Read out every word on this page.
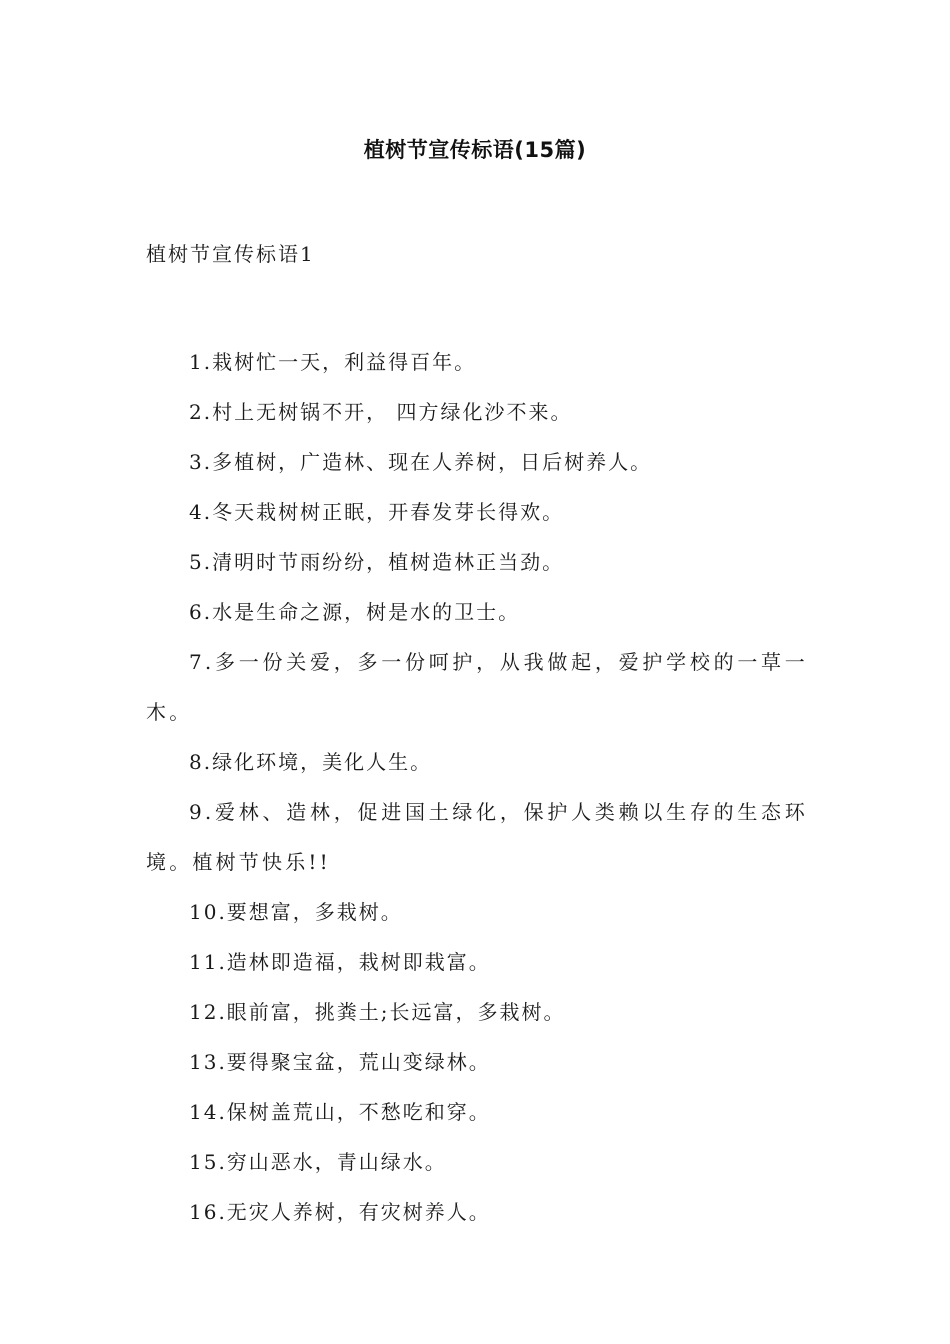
植树节宣传标语(15篇)
植树节宣传标语1
1.栽树忙一天，利益得百年。
2.村上无树锅不开， 四方绿化沙不来。
3.多植树，广造林、现在人养树，日后树养人。
4.冬天栽树树正眠，开春发芽长得欢。
5.清明时节雨纷纷，植树造林正当劲。
6.水是生命之源，树是水的卫士。
7.多一份关爱，多一份呵护，从我做起，爱护学校的一草一木。
8.绿化环境，美化人生。
9.爱林、造林，促进国土绿化，保护人类赖以生存的生态环境。植树节快乐!!
10.要想富，多栽树。
11.造林即造福，栽树即栽富。
12.眼前富，挑粪土;长远富，多栽树。
13.要得聚宝盆，荒山变绿林。
14.保树盖荒山，不愁吃和穿。
15.穷山恶水，青山绿水。
16.无灾人养树，有灾树养人。
